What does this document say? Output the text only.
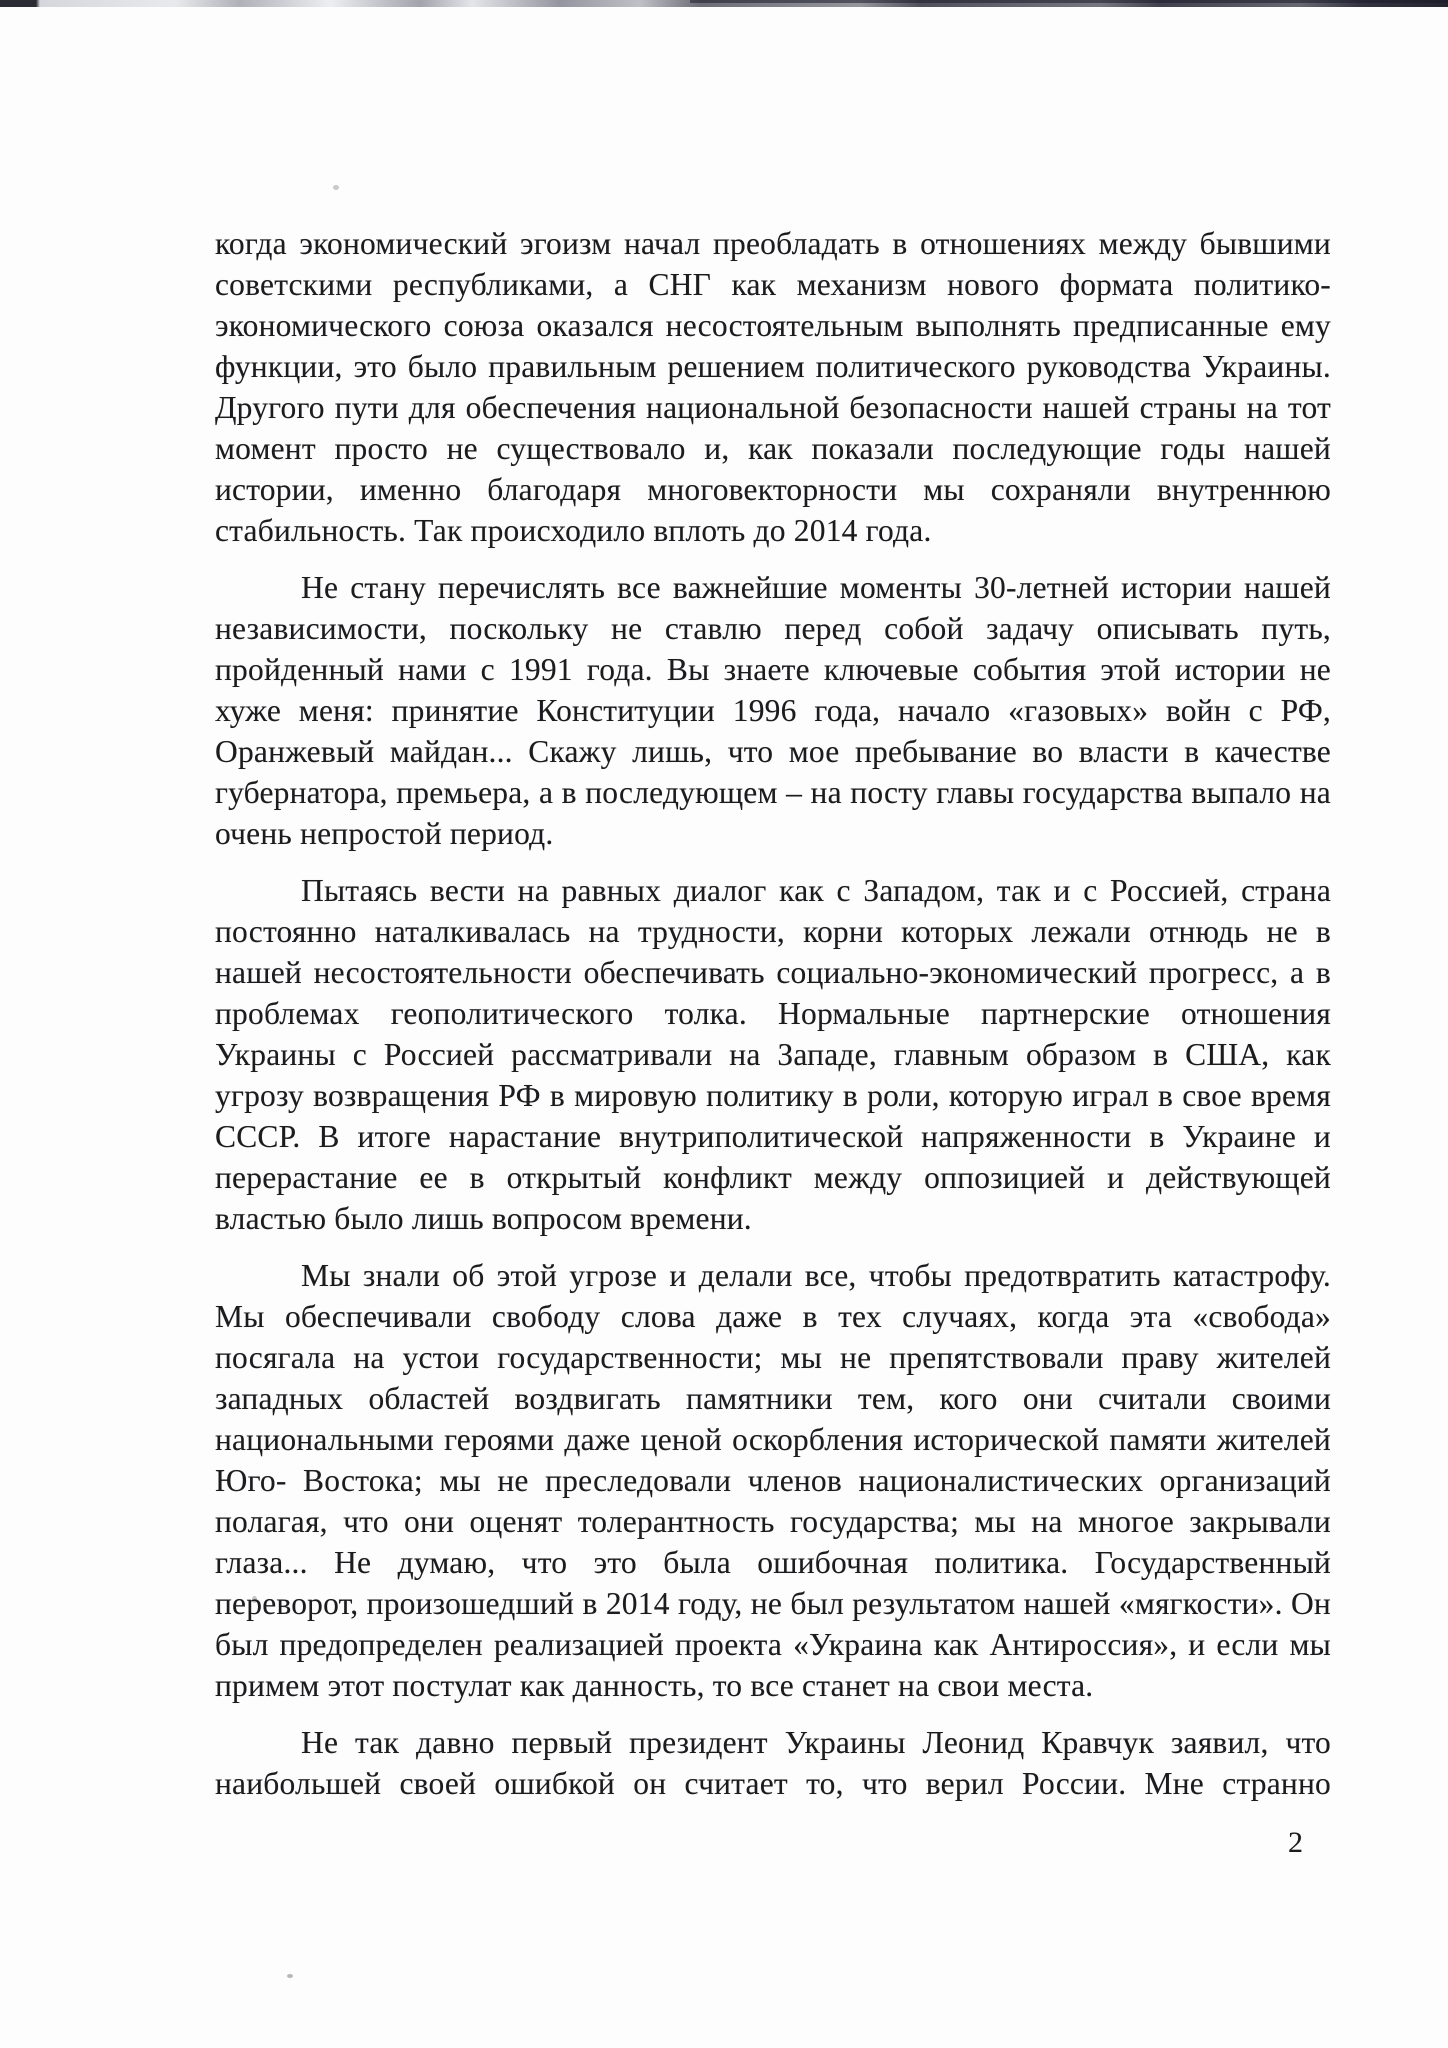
когда экономический эгоизм начал преобладать в отношениях между бывшими советскими республиками, а СНГ как механизм нового формата политико-экономического союза оказался несостоятельным выполнять предписанные ему функции, это было правильным решением политического руководства Украины. Другого пути для обеспечения национальной безопасности нашей страны на тот момент просто не существовало и, как показали последующие годы нашей истории, именно благодаря многовекторности мы сохраняли внутреннюю стабильность. Так происходило вплоть до 2014 года.

Не стану перечислять все важнейшие моменты 30-летней истории нашей независимости, поскольку не ставлю перед собой задачу описывать путь, пройденный нами с 1991 года. Вы знаете ключевые события этой истории не хуже меня: принятие Конституции 1996 года, начало «газовых» войн с РФ, Оранжевый майдан... Скажу лишь, что мое пребывание во власти в качестве губернатора, премьера, а в последующем – на посту главы государства выпало на очень непростой период.

Пытаясь вести на равных диалог как с Западом, так и с Россией, страна постоянно наталкивалась на трудности, корни которых лежали отнюдь не в нашей несостоятельности обеспечивать социально-экономический прогресс, а в проблемах геополитического толка. Нормальные партнерские отношения Украины с Россией рассматривали на Западе, главным образом в США, как угрозу возвращения РФ в мировую политику в роли, которую играл в свое время СССР. В итоге нарастание внутриполитической напряженности в Украине и перерастание ее в открытый конфликт между оппозицией и действующей властью было лишь вопросом времени.

Мы знали об этой угрозе и делали все, чтобы предотвратить катастрофу. Мы обеспечивали свободу слова даже в тех случаях, когда эта «свобода» посягала на устои государственности; мы не препятствовали праву жителей западных областей воздвигать памятники тем, кого они считали своими национальными героями даже ценой оскорбления исторической памяти жителей Юго- Востока; мы не преследовали членов националистических организаций полагая, что они оценят толерантность государства; мы на многое закрывали глаза... Не думаю, что это была ошибочная политика. Государственный переворот, произошедший в 2014 году, не был результатом нашей «мягкости». Он был предопределен реализацией проекта «Украина как Антироссия», и если мы примем этот постулат как данность, то все станет на свои места.

Не так давно первый президент Украины Леонид Кравчук заявил, что наибольшей своей ошибкой он считает то, что верил России. Мне странно

2
